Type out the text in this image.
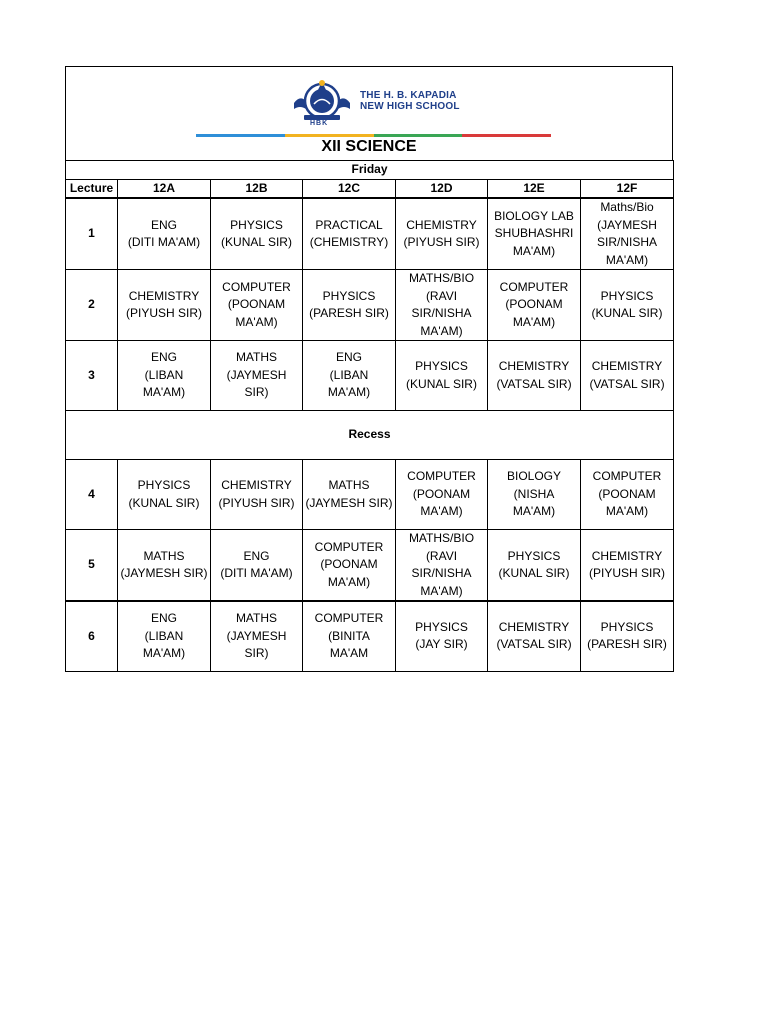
THE H. B. KAPADIA
NEW HIGH SCHOOL
HBK
XII SCIENCE
Friday						
Lecture	12A	12B	12C	12D	12E	12F
1	ENG
(DITI MA'AM)	PHYSICS
(KUNAL SIR)	PRACTICAL
(CHEMISTRY)	CHEMISTRY
(PIYUSH SIR)	BIOLOGY LAB
SHUBHASHRI
MA'AM)	Maths/Bio
(JAYMESH
SIR/NISHA
MA'AM)
2	CHEMISTRY
(PIYUSH SIR)	COMPUTER
(POONAM
MA'AM)	PHYSICS
(PARESH SIR)	MATHS/BIO
(RAVI
SIR/NISHA
MA'AM)	COMPUTER
(POONAM
MA'AM)	PHYSICS
(KUNAL SIR)
3	ENG
(LIBAN
MA'AM)	MATHS
(JAYMESH SIR)	ENG
(LIBAN
MA'AM)	PHYSICS
(KUNAL SIR)	CHEMISTRY
(VATSAL SIR)	CHEMISTRY
(VATSAL SIR)
Recess						
4	PHYSICS
(KUNAL SIR)	CHEMISTRY
(PIYUSH SIR)	MATHS
(JAYMESH SIR)	COMPUTER
(POONAM
MA'AM)	BIOLOGY
(NISHA
MA'AM)	COMPUTER
(POONAM
MA'AM)
5	MATHS
(JAYMESH SIR)	ENG
(DITI MA'AM)	COMPUTER
(POONAM
MA'AM)	MATHS/BIO
(RAVI
SIR/NISHA
MA'AM)	PHYSICS
(KUNAL SIR)	CHEMISTRY
(PIYUSH SIR)
6	ENG
(LIBAN
MA'AM)	MATHS
(JAYMESH SIR)	COMPUTER
(BINITA
MA'AM	PHYSICS
(JAY SIR)	CHEMISTRY
(VATSAL SIR)	PHYSICS
(PARESH SIR)
